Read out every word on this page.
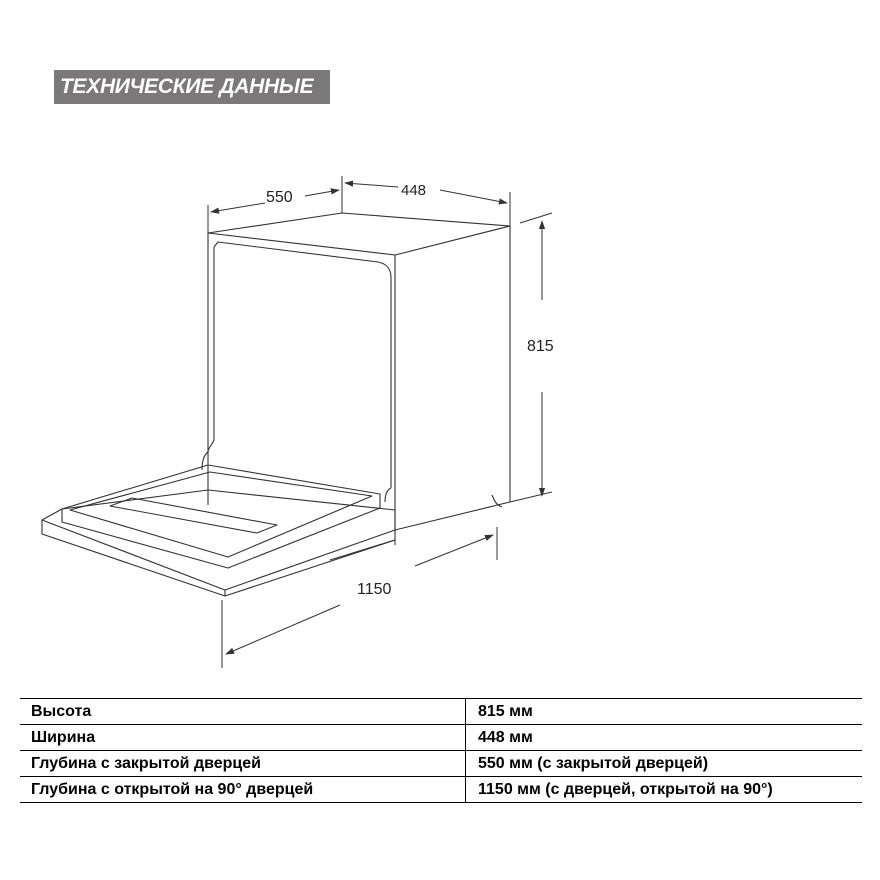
ТЕХНИЧЕСКИЕ ДАННЫЕ
550	448
815
1150
Высота	815 мм
Ширина	448 мм
Глубина с закрытой дверцей	550 мм (с закрытой дверцей)
Глубина с открытой на 90° дверцей	1150 мм (с дверцей, открытой на 90°)
